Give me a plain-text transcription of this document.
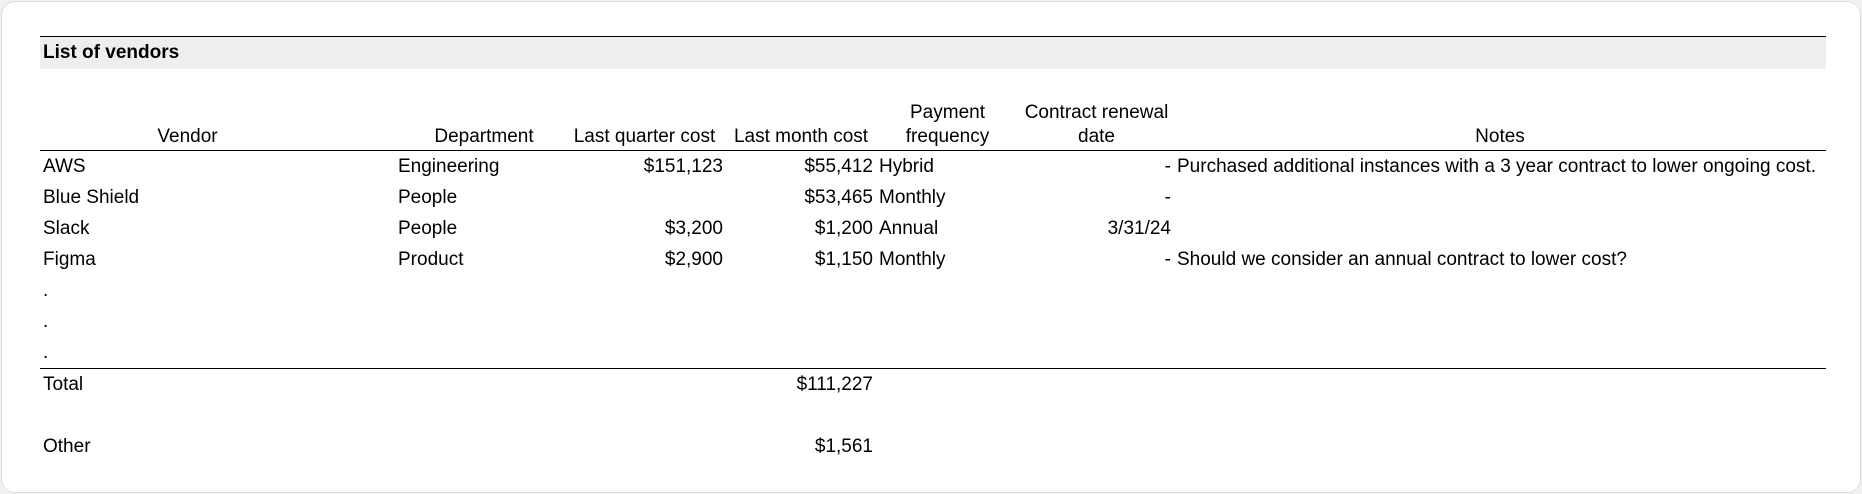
List of vendors
Vendor	Department	Last quarter cost	Last month cost	Payment frequency	Contract renewal date	Notes
AWS	Engineering	$151,123	$55,412	Hybrid	-	Purchased additional instances with a 3 year contract to lower ongoing cost.
Blue Shield	People		$53,465	Monthly	-	
Slack	People	$3,200	$1,200	Annual	3/31/24	
Figma	Product	$2,900	$1,150	Monthly	-	Should we consider an annual contract to lower cost?
.						
.						
.						
Total			$111,227			

Other			$1,561			
